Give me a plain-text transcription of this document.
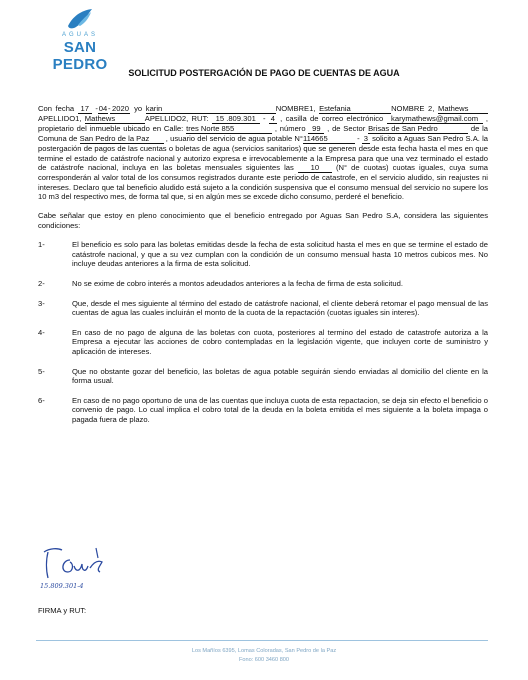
AGUAS
SAN PEDRO	SOLICITUD POSTERGACIÓN DE PAGO DE CUENTAS DE AGUA

Con fecha 17 -04- 2020 yo karin	NOMBRE1, Estefania	NOMBRE 2, MathewsAPELLIDO1, Mathews	APELLIDO2, RUT: 15 .809.301 - 4 , casilla de correo electrónico karymathews@gmail.com , propietario del inmueble ubicado en Calle: tres Norte 855	, número 99 , de Sector Brisas de San Pedro	de la Comuna de San Pedro de la Paz , usuario del servicio de agua potable N°114665	- 3 solicito a Aguas San Pedro S.A. la postergación de pagos de las cuentas o boletas de agua (servicios sanitarios) que se generen desde esta fecha hasta el mes en que termine el estado de catástrofe nacional y autorizo expresa e irrevocablemente a la Empresa para que una vez terminado el estado de catástrofe nacional, incluya en las boletas mensuales siguientes las 10 (N° de cuotas) cuotas iguales, cuya suma corresponderán al valor total de los consumos registrados durante este periodo de catastrofe, en el servicio aludido, sin reajustes ni intereses. Declaro que tal beneficio aludido está sujeto a la condición suspensiva que el consumo mensual del servicio no supere los 10 m3 del respectivo mes, de forma tal que, si en algún mes se excede dicho consumo, perderé el beneficio.

Cabe señalar que estoy en pleno conocimiento que el beneficio entregado por Aguas San Pedro S.A, considera las siguientes condiciones:

1-	El beneficio es solo para las boletas emitidas desde la fecha de esta solicitud hasta el mes en que se termine el estado de catástrofe nacional, y que a su vez cumplan con la condición de un consumo mensual hasta 10 metros cubicos mes. No incluye deudas anteriores a la firma de esta solicitud.
2-	No se exime de cobro interés a montos adeudados anteriores a la fecha de firma de esta solicitud.
3-	Que, desde el mes siguiente al término del estado de catástrofe nacional, el cliente deberá retomar el pago mensual de las cuentas de agua las cuales incluirán el monto de la cuota de la repactación (cuotas iguales sin interes).
4-	En caso de no pago de alguna de las boletas con cuota, posteriores al termino del estado de catastrofe autoriza a la Empresa a ejecutar las acciones de cobro contempladas en la legislación vigente, que incluyen corte de suministro y aplicación de intereses.
5-	Que no obstante gozar del beneficio, las boletas de agua potable seguirán siendo enviadas al domicilio del cliente en la forma usual.
6-	En caso de no pago oportuno de una de las cuentas que incluya cuota de esta repactacion, se deja sin efecto el beneficio o convenio de pago. Lo cual implica el cobro total de la deuda en la boleta emitida el mes siguiente a la boleta impaga o pagada fuera de plazo.
15.809.301-4
FIRMA y RUT:
Los Mañíos 6395, Lomas Coloradas, San Pedro de la Paz
Fono: 600 3460 800
